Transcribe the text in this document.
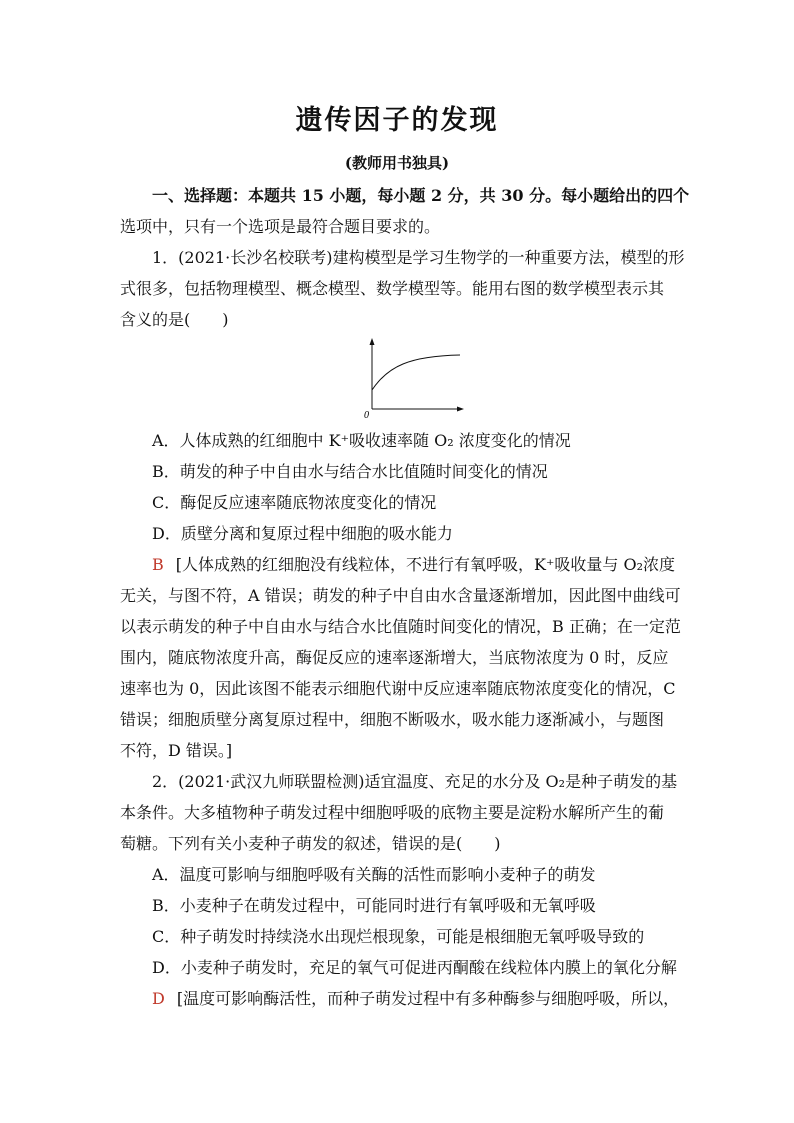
遗传因子的发现
(教师用书独具)
一、选择题：本题共 15 小题，每小题 2 分，共 30 分。每小题给出的四个
选项中，只有一个选项是最符合题目要求的。
1．(2021·长沙名校联考)建构模型是学习生物学的一种重要方法，模型的形
式很多，包括物理模型、概念模型、数学模型等。能用右图的数学模型表示其
含义的是(　　)
0
A．人体成熟的红细胞中 K⁺吸收速率随 O₂ 浓度变化的情况
B．萌发的种子中自由水与结合水比值随时间变化的情况
C．酶促反应速率随底物浓度变化的情况
D．质壁分离和复原过程中细胞的吸水能力
B [人体成熟的红细胞没有线粒体，不进行有氧呼吸，K⁺吸收量与 O₂浓度
无关，与图不符，A 错误；萌发的种子中自由水含量逐渐增加，因此图中曲线可
以表示萌发的种子中自由水与结合水比值随时间变化的情况，B 正确；在一定范
围内，随底物浓度升高，酶促反应的速率逐渐增大，当底物浓度为 0 时，反应
速率也为 0，因此该图不能表示细胞代谢中反应速率随底物浓度变化的情况，C
错误；细胞质壁分离复原过程中，细胞不断吸水，吸水能力逐渐减小，与题图
不符，D 错误。]
2．(2021·武汉九师联盟检测)适宜温度、充足的水分及 O₂是种子萌发的基
本条件。大多植物种子萌发过程中细胞呼吸的底物主要是淀粉水解所产生的葡
萄糖。下列有关小麦种子萌发的叙述，错误的是(　　)
A．温度可影响与细胞呼吸有关酶的活性而影响小麦种子的萌发
B．小麦种子在萌发过程中，可能同时进行有氧呼吸和无氧呼吸
C．种子萌发时持续浇水出现烂根现象，可能是根细胞无氧呼吸导致的
D．小麦种子萌发时，充足的氧气可促进丙酮酸在线粒体内膜上的氧化分解
D [温度可影响酶活性，而种子萌发过程中有多种酶参与细胞呼吸，所以，
